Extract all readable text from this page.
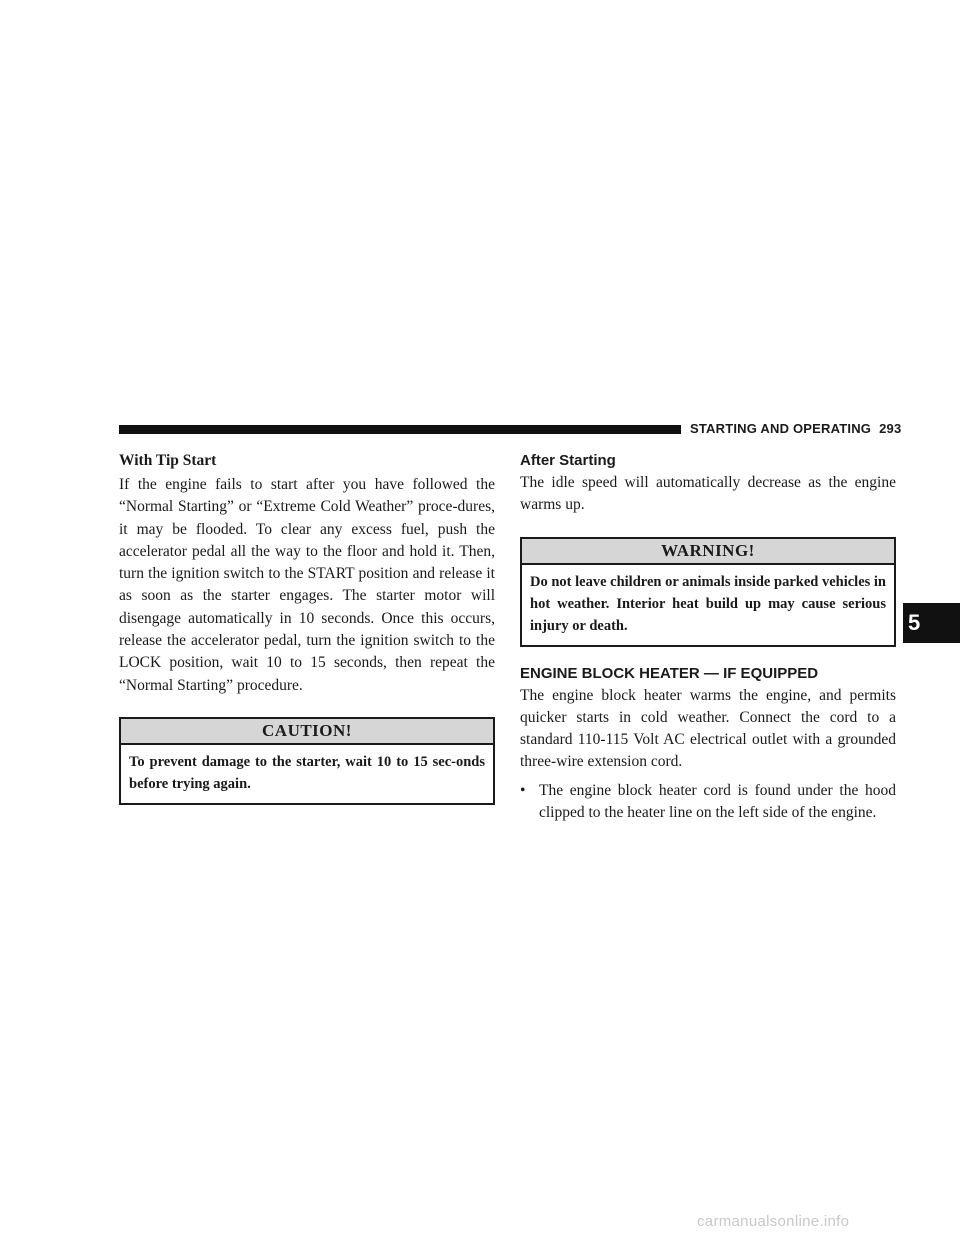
STARTING AND OPERATING 293
5
With Tip Start

If the engine fails to start after you have followed the “Normal Starting” or “Extreme Cold Weather” proce-dures, it may be flooded. To clear any excess fuel, push the accelerator pedal all the way to the floor and hold it. Then, turn the ignition switch to the START position and release it as soon as the starter engages. The starter motor will disengage automatically in 10 seconds. Once this occurs, release the accelerator pedal, turn the ignition switch to the LOCK position, wait 10 to 15 seconds, then repeat the “Normal Starting” procedure.

CAUTION!
To prevent damage to the starter, wait 10 to 15 sec-onds before trying again.
After Starting

The idle speed will automatically decrease as the engine warms up.

WARNING!
Do not leave children or animals inside parked vehicles in hot weather. Interior heat build up may cause serious injury or death.
ENGINE BLOCK HEATER — IF EQUIPPED

The engine block heater warms the engine, and permits quicker starts in cold weather. Connect the cord to a standard 110-115 Volt AC electrical outlet with a grounded three-wire extension cord.

• The engine block heater cord is found under the hood clipped to the heater line on the left side of the engine.
carmanualsonline.info
